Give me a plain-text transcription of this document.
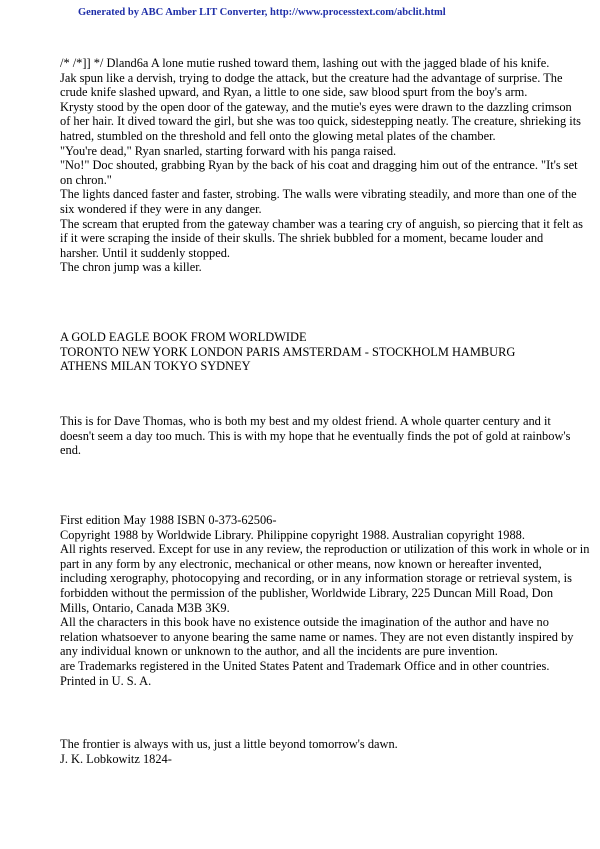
Generated by ABC Amber LIT Converter, http://www.processtext.com/abclit.html
/* /*]] */ Dland6a A lone mutie rushed toward them, lashing out with the jagged blade of his knife.
Jak spun like a dervish, trying to dodge the attack, but the creature had the advantage of surprise. The
crude knife slashed upward, and Ryan, a little to one side, saw blood spurt from the boy's arm.
Krysty stood by the open door of the gateway, and the mutie's eyes were drawn to the dazzling crimson
of her hair. It dived toward the girl, but she was too quick, sidestepping neatly. The creature, shrieking its
hatred, stumbled on the threshold and fell onto the glowing metal plates of the chamber.
"You're dead," Ryan snarled, starting forward with his panga raised.
"No!" Doc shouted, grabbing Ryan by the back of his coat and dragging him out of the entrance. "It's set
on chron."
The lights danced faster and faster, strobing. The walls were vibrating steadily, and more than one of the
six wondered if they were in any danger.
The scream that erupted from the gateway chamber was a tearing cry of anguish, so piercing that it felt as
if it were scraping the inside of their skulls. The shriek bubbled for a moment, became louder and
harsher. Until it suddenly stopped.
The chron jump was a killer.
A GOLD EAGLE BOOK FROM WORLDWIDE
TORONTO NEW YORK LONDON PARIS AMSTERDAM - STOCKHOLM HAMBURG
ATHENS MILAN TOKYO SYDNEY
This is for Dave Thomas, who is both my best and my oldest friend. A whole quarter century and it
doesn't seem a day too much. This is with my hope that he eventually finds the pot of gold at rainbow's
end.
First edition May 1988 ISBN 0-373-62506-
Copyright 1988 by Worldwide Library. Philippine copyright 1988. Australian copyright 1988.
All rights reserved. Except for use in any review, the reproduction or utilization of this work in whole or in
part in any form by any electronic, mechanical or other means, now known or hereafter invented,
including xerography, photocopying and recording, or in any information storage or retrieval system, is
forbidden without the permission of the publisher, Worldwide Library, 225 Duncan Mill Road, Don
Mills, Ontario, Canada M3B 3K9.
All the characters in this book have no existence outside the imagination of the author and have no
relation whatsoever to anyone bearing the same name or names. They are not even distantly inspired by
any individual known or unknown to the author, and all the incidents are pure invention.
are Trademarks registered in the United States Patent and Trademark Office and in other countries.
Printed in U. S. A.
The frontier is always with us, just a little beyond tomorrow's dawn.
J. K. Lobkowitz 1824-
